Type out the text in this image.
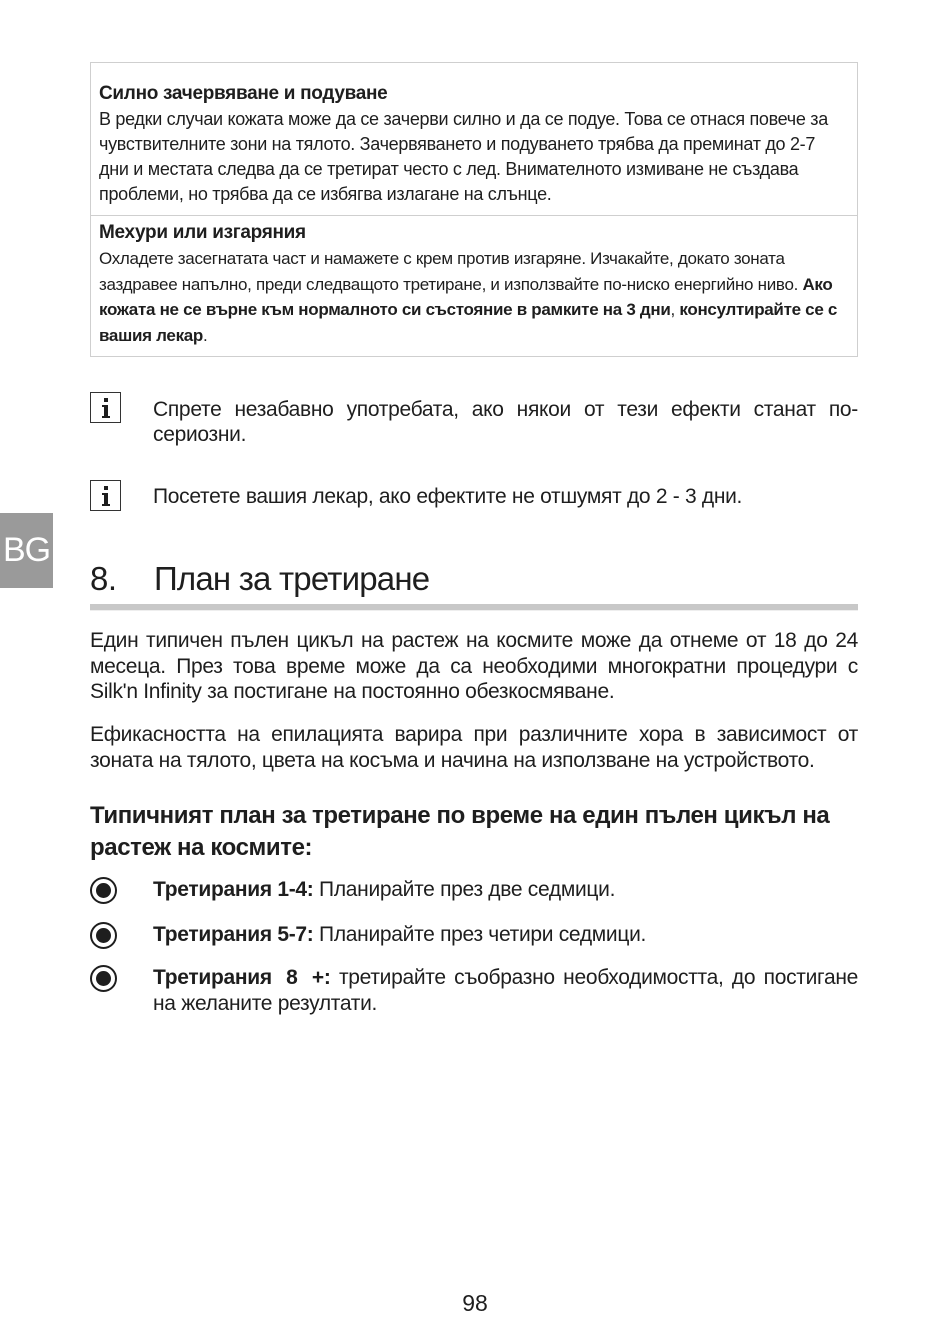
BG
Силно зачервяване и подуване
В редки случаи кожата може да се зачерви силно и да се подуе. Това се отнася повече за чувствителните зони на тялото. Зачервяването и подуването трябва да преминат до 2-7 дни и местата следва да се третират често с лед. Внимателното измиване не създава проблеми, но трябва да се избягва излагане на слънце.
Мехури или изгаряния
Охладете засегнатата част и намажете с крем против изгаряне. Изчакайте, докато зоната заздравее напълно, преди следващото третиране, и използвайте по-ниско енергийно ниво. Ако кожата не се върне към нормалното си състояние в рамките на 3 дни, консултирайте се с вашия лекар.
Спрете незабавно употребата, ако някои от тези ефекти станат по-сериозни.
Посетете вашия лекар, ако ефектите не отшумят до 2 - 3 дни.
8. План за третиране
Един типичен пълен цикъл на растеж на космите може да отнеме от 18 до 24 месеца. През това време може да са необходими многократни процедури с Silk'n Infinity за постигане на постоянно обезкосмяване.
Ефикасността на епилацията варира при различните хора в зависимост от зоната на тялото, цвета на косъма и начина на използване на устройството.
Типичният план за третиране по време на един пълен цикъл на растеж на космите:
Третирания 1-4: Планирайте през две седмици.
Третирания 5-7: Планирайте през четири седмици.
Третирания 8 +: третирайте съобразно необходимостта, до постигане на желаните резултати.
98
